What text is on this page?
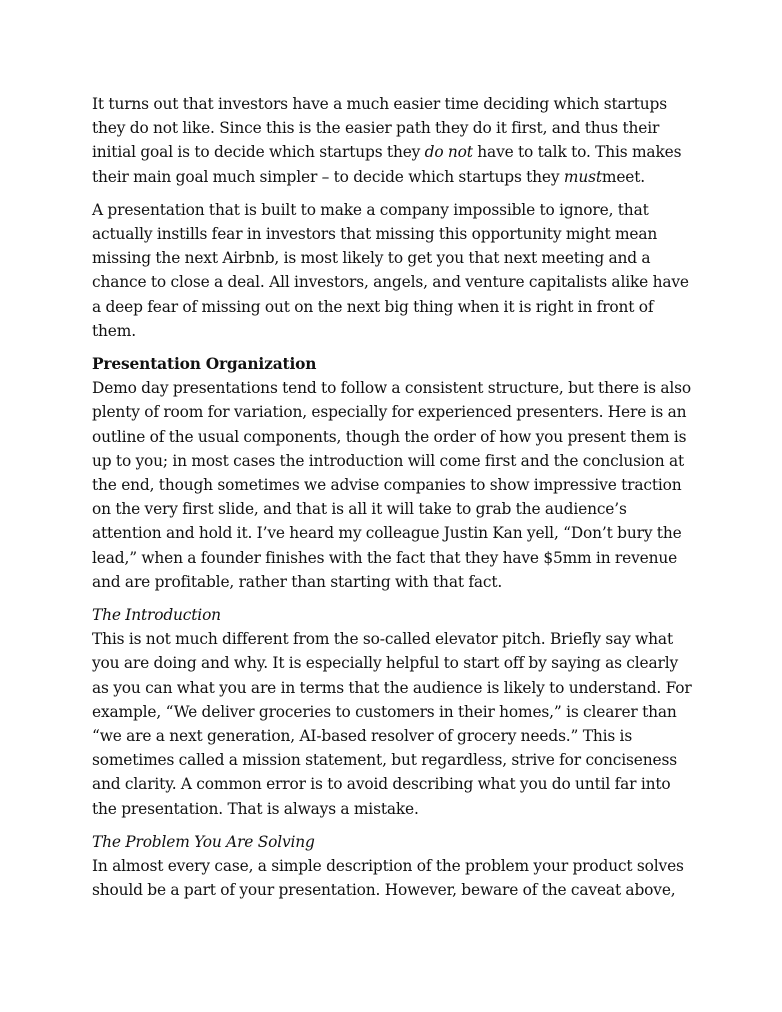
It turns out that investors have a much easier time deciding which startups they do not like. Since this is the easier path they do it first, and thus their initial goal is to decide which startups they do not have to talk to. This makes their main goal much simpler – to decide which startups they mustmeet.

A presentation that is built to make a company impossible to ignore, that actually instills fear in investors that missing this opportunity might mean missing the next Airbnb, is most likely to get you that next meeting and a chance to close a deal. All investors, angels, and venture capitalists alike have a deep fear of missing out on the next big thing when it is right in front of them.

Presentation Organization
Demo day presentations tend to follow a consistent structure, but there is also plenty of room for variation, especially for experienced presenters. Here is an outline of the usual components, though the order of how you present them is up to you; in most cases the introduction will come first and the conclusion at the end, though sometimes we advise companies to show impressive traction on the very first slide, and that is all it will take to grab the audience’s attention and hold it. I’ve heard my colleague Justin Kan yell, “Don’t bury the lead,” when a founder finishes with the fact that they have $5mm in revenue and are profitable, rather than starting with that fact.

The Introduction
This is not much different from the so-called elevator pitch. Briefly say what you are doing and why. It is especially helpful to start off by saying as clearly as you can what you are in terms that the audience is likely to understand. For example, “We deliver groceries to customers in their homes,” is clearer than “we are a next generation, AI-based resolver of grocery needs.” This is sometimes called a mission statement, but regardless, strive for conciseness and clarity. A common error is to avoid describing what you do until far into the presentation. That is always a mistake.

The Problem You Are Solving
In almost every case, a simple description of the problem your product solves should be a part of your presentation. However, beware of the caveat above,
